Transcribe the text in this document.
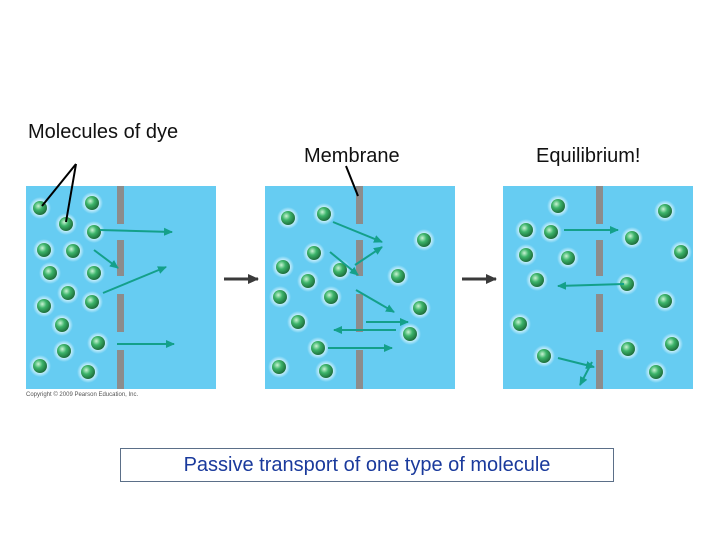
Molecules of dye
Membrane	Equilibrium!
Copyright © 2009 Pearson Education, Inc.
Passive transport of one type of molecule
